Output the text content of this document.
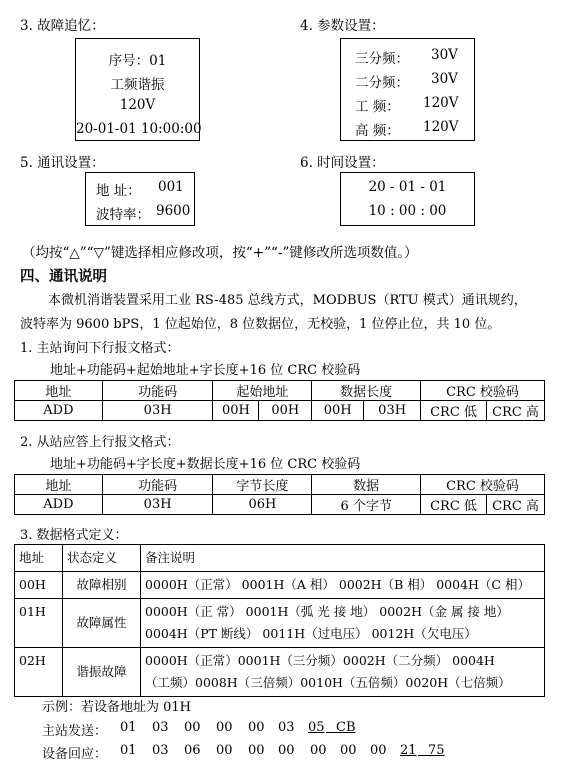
3. 故障追忆：	4. 参数设置：
序号：01
工频谐振
120V
20-01-01 10:00:00
三分频： 30V
二分频： 30V
工 频： 120V
高 频： 120V
5. 通讯设置：	6. 时间设置：
地 址： 001
波特率： 9600
20 - 01 - 01
10 : 00 : 00
（均按“△”“▽”键选择相应修改项，按“+”“-”键修改所选项数值。）
四、通讯说明
本微机消谐装置采用工业 RS-485 总线方式，MODBUS（RTU 模式）通讯规约，
波特率为 9600 bPS，1 位起始位，8 位数据位，无校验，1 位停止位，共 10 位。
1. 主站询问下行报文格式：
地址+功能码+起始地址+字长度+16 位 CRC 校验码
地址	功能码	起始地址		数据长度		CRC 校验码	
ADD	03H	00H	00H	00H	03H	CRC 低	CRC 高
2. 从站应答上行报文格式：
地址+功能码+字长度+数据长度+16 位 CRC 校验码
地址	功能码	字节长度	数据	CRC 校验码	
ADD	03H	06H	6 个字节	CRC 低	CRC 高
3. 数据格式定义：
地址	状态定义	备注说明
00H	故障相别	0000H（正常） 0001H（A 相） 0002H（B 相） 0004H（C 相）

01H	故障属性	0000H（正 常） 0001H（弧 光 接 地） 0002H（金 属 接 地）
0004H（PT 断线） 0011H（过电压） 0012H（欠电压）

02H	谐振故障	0000H（正常）0001H（三分频）0002H（二分频） 0004H
（工频）0008H（三倍频）0010H（五倍频）0020H（七倍频）
示例：若设备地址为 01H
主站发送： 01 03 00 00 00 03 05
CB
设备回应： 01 03 06 00 00 00 00 00 00 21
75
